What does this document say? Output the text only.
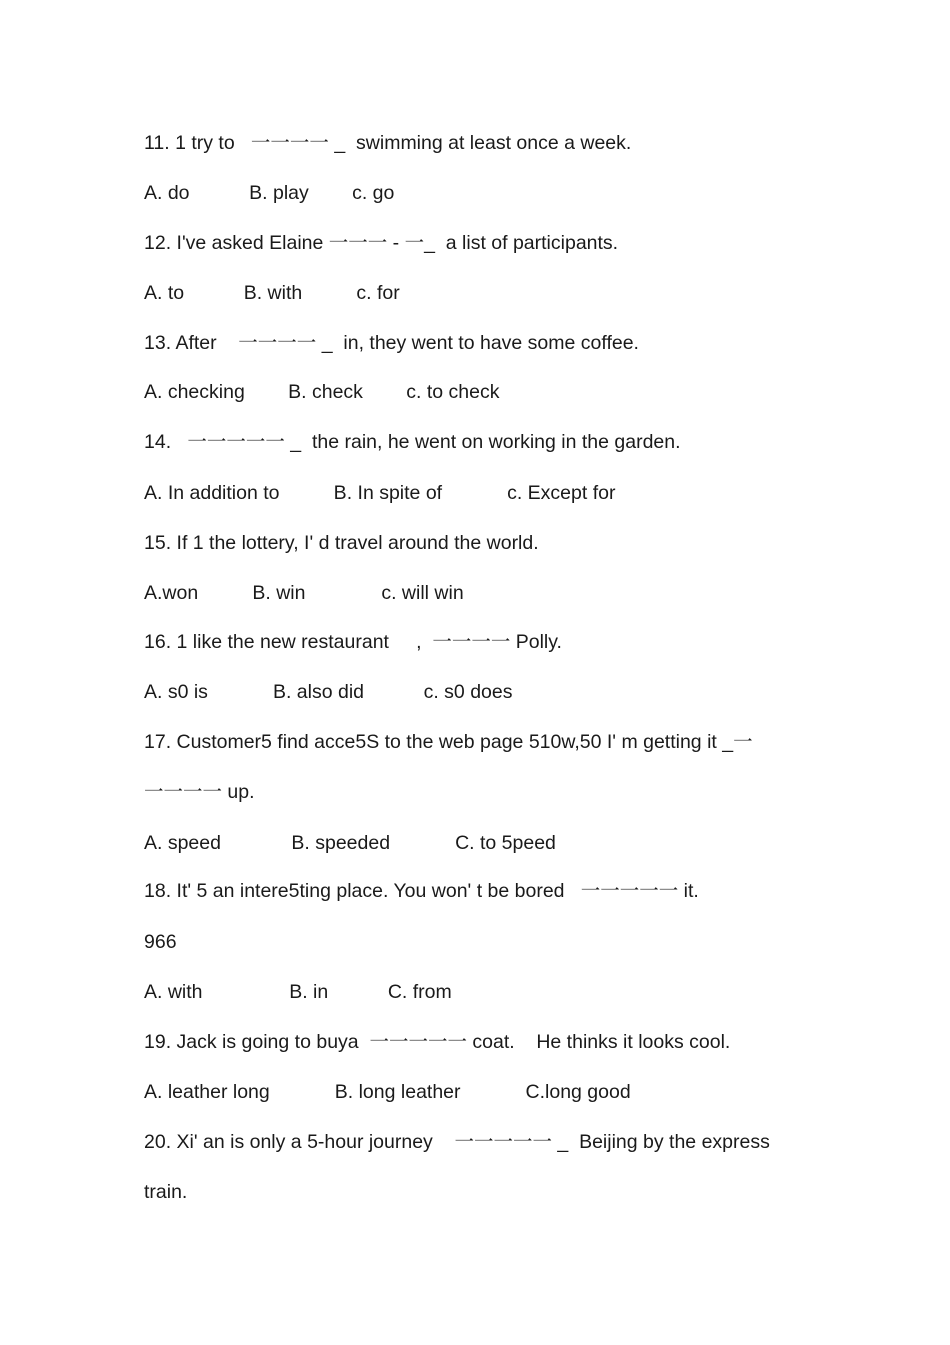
11. 1 try to   一一一一 _  swimming at least once a week.
A. do           B. play        c. go
12. I've asked Elaine 一一一 - 一_  a list of participants.
A. to           B. with          c. for
13. After    一一一一 _  in, they went to have some coffee.
A. checking        B. check        c. to check
14.   一一一一一 _  the rain, he went on working in the garden.
A. In addition to          B. In spite of            c. Except for
15. If 1 the lottery, I' d travel around the world.
A.won          B. win              c. will win
16. 1 like the new restaurant     ,  一一一一 Polly.
A. s0 is            B. also did           c. s0 does
17. Customer5 find acce5S to the web page 510w,50 I' m getting it _一
一一一一 up.
A. speed             B. speeded            C. to 5peed
18. It' 5 an intere5ting place. You won' t be bored   一一一一一 it.
966
A. with                B. in           C. from
19. Jack is going to buya  一一一一一 coat.    He thinks it looks cool.
A. leather long            B. long leather            C.long good
20. Xi' an is only a 5-hour journey    一一一一一 _  Beijing by the express
train.
